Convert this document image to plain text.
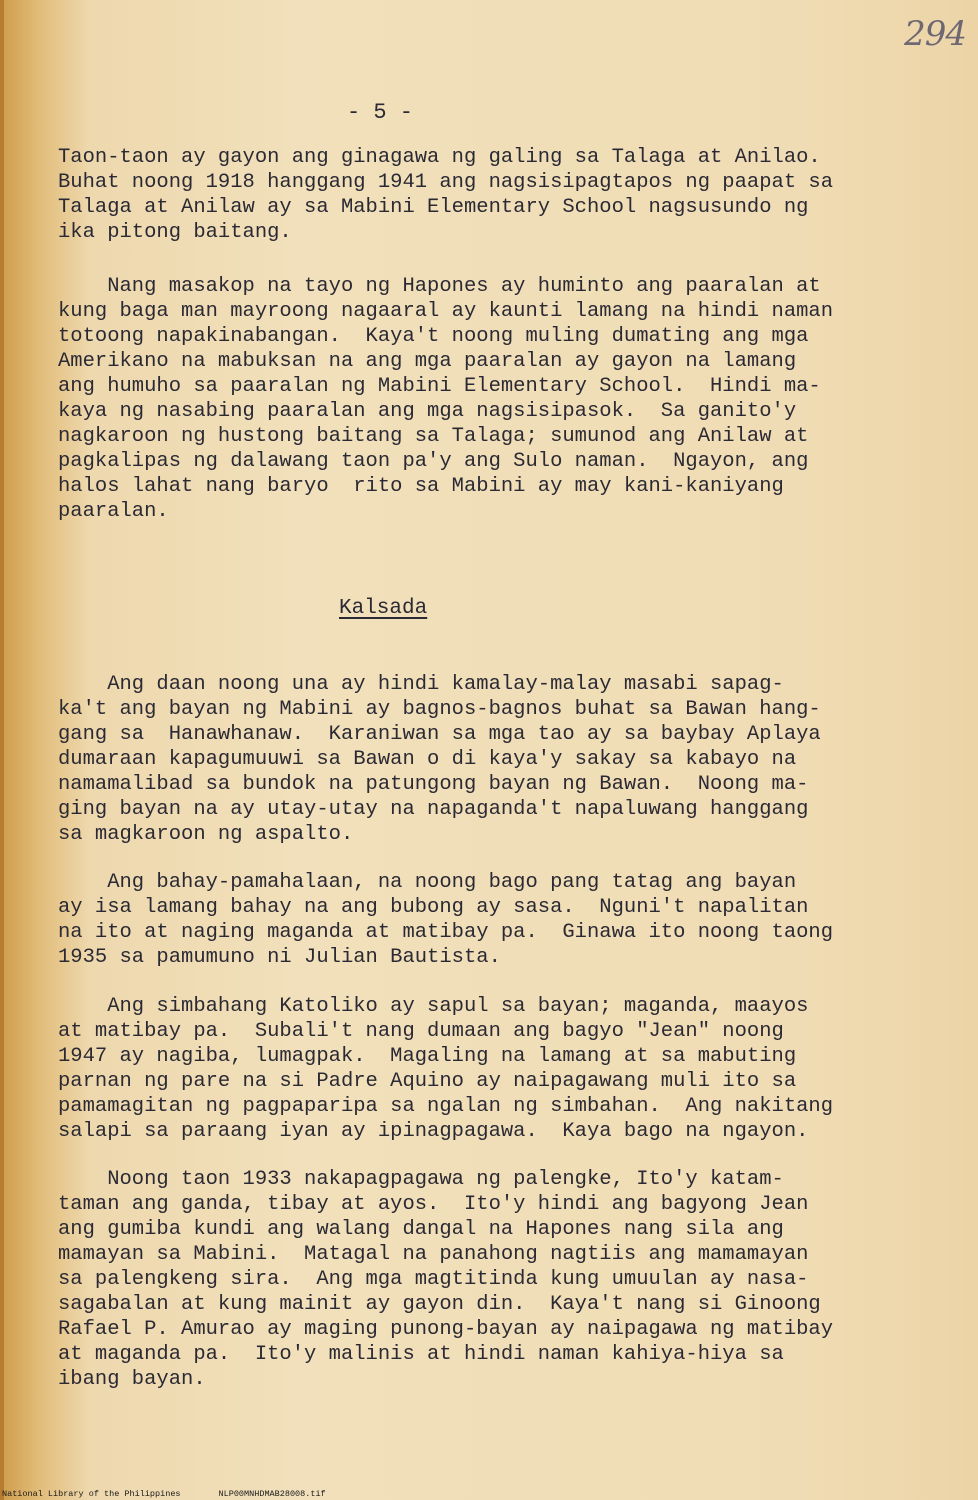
294
- 5 -
Taon-taon ay gayon ang ginagawa ng galing sa Talaga at Anilao.
Buhat noong 1918 hanggang 1941 ang nagsisipagtapos ng paapat sa
Talaga at Anilaw ay sa Mabini Elementary School nagsusundo ng
ika pitong baitang.
Nang masakop na tayo ng Hapones ay huminto ang paaralan at
kung baga man mayroong nagaaral ay kaunti lamang na hindi naman
totoong napakinabangan.  Kaya't noong muling dumating ang mga
Amerikano na mabuksan na ang mga paaralan ay gayon na lamang
ang humuho sa paaralan ng Mabini Elementary School.  Hindi ma-
kaya ng nasabing paaralan ang mga nagsisipasok.  Sa ganito'y
nagkaroon ng hustong baitang sa Talaga; sumunod ang Anilaw at
pagkalipas ng dalawang taon pa'y ang Sulo naman.  Ngayon, ang
halos lahat nang baryo  rito sa Mabini ay may kani-kaniyang
paaralan.
Kalsada
Ang daan noong una ay hindi kamalay-malay masabi sapag-
ka't ang bayan ng Mabini ay bagnos-bagnos buhat sa Bawan hang-
gang sa  Hanawhanaw.  Karaniwan sa mga tao ay sa baybay Aplaya
dumaraan kapagumuuwi sa Bawan o di kaya'y sakay sa kabayo na
namamalibad sa bundok na patungong bayan ng Bawan.  Noong ma-
ging bayan na ay utay-utay na napaganda't napaluwang hanggang
sa magkaroon ng aspalto.
Ang bahay-pamahalaan, na noong bago pang tatag ang bayan
ay isa lamang bahay na ang bubong ay sasa.  Nguni't napalitan
na ito at naging maganda at matibay pa.  Ginawa ito noong taong
1935 sa pamumuno ni Julian Bautista.
Ang simbahang Katoliko ay sapul sa bayan; maganda, maayos
at matibay pa.  Subali't nang dumaan ang bagyo "Jean" noong
1947 ay nagiba, lumagpak.  Magaling na lamang at sa mabuting
parnan ng pare na si Padre Aquino ay naipagawang muli ito sa
pamamagitan ng pagpaparipa sa ngalan ng simbahan.  Ang nakitang
salapi sa paraang iyan ay ipinagpagawa.  Kaya bago na ngayon.
Noong taon 1933 nakapagpagawa ng palengke, Ito'y katam-
taman ang ganda, tibay at ayos.  Ito'y hindi ang bagyong Jean
ang gumiba kundi ang walang dangal na Hapones nang sila ang
mamayan sa Mabini.  Matagal na panahong nagtiis ang mamamayan
sa palengkeng sira.  Ang mga magtitinda kung umuulan ay nasa-
sagabalan at kung mainit ay gayon din.  Kaya't nang si Ginoong
Rafael P. Amurao ay maging punong-bayan ay naipagawa ng matibay
at maganda pa.  Ito'y malinis at hindi naman kahiya-hiya sa
ibang bayan.
National Library of the Philippines	NLP00MNHDMAB28008.tif
